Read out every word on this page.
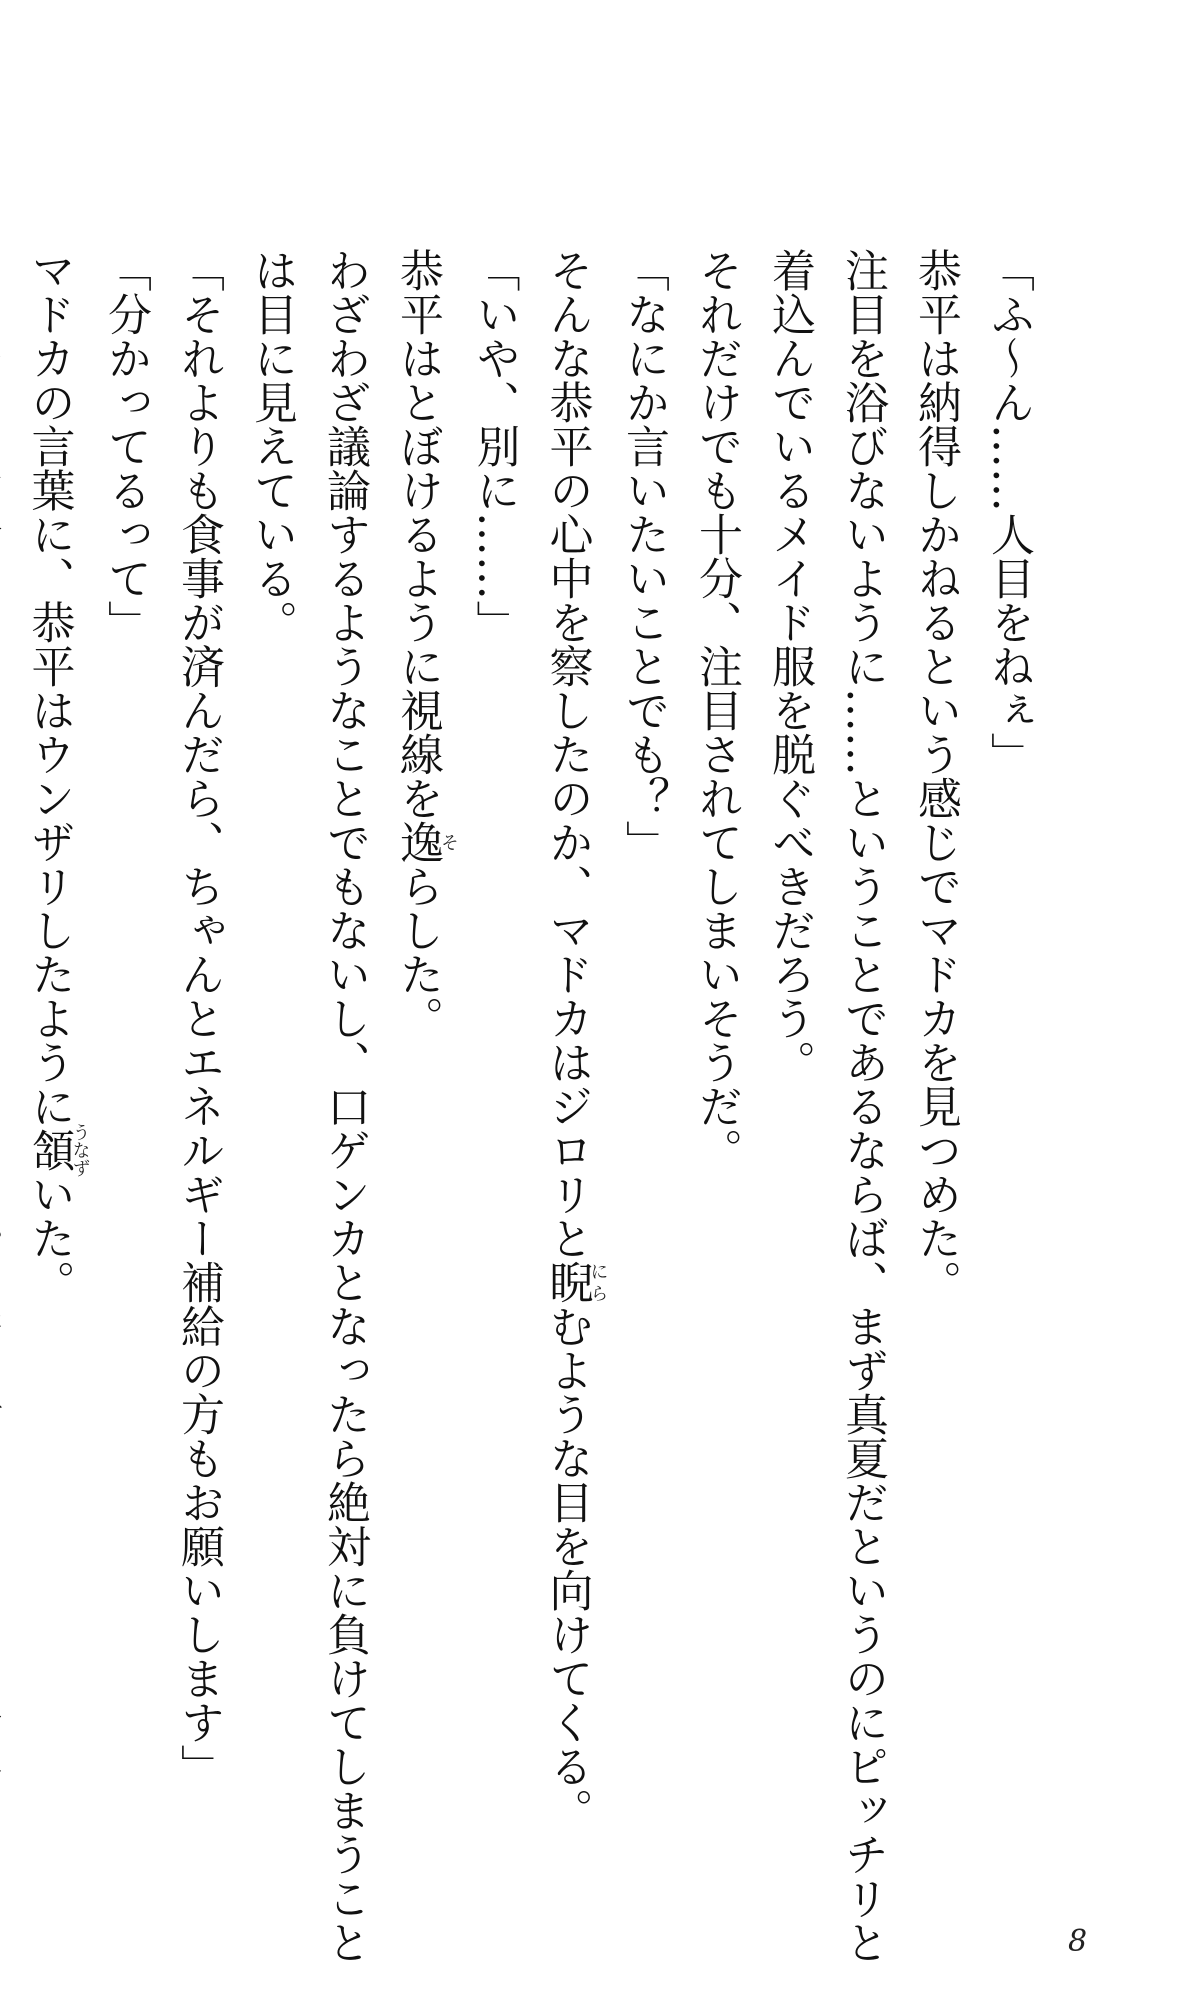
「ふ～ん……人目をねぇ」
恭平は納得しかねるという感じでマドカを見つめた。
注目を浴びないように……ということであるならば、まず真夏だというのにピッチリと
着込んでいるメイド服を脱ぐべきだろう。
それだけでも十分、注目されてしまいそうだ。
「なにか言いたいことでも？」
そんな恭平の心中を察したのか、マドカはジロリと睨にらむような目を向けてくる。
「いや、別に……」
恭平はとぼけるように視線を逸そらした。
わざわざ議論するようなことでもないし、口ゲンカとなったら絶対に負けてしまうこと
は目に見えている。
「それよりも食事が済んだら、ちゃんとエネルギー補給の方もお願いします」
「分かってるって」
マドカの言葉に、恭平はウンザリしたように頷うなずいた。
8
